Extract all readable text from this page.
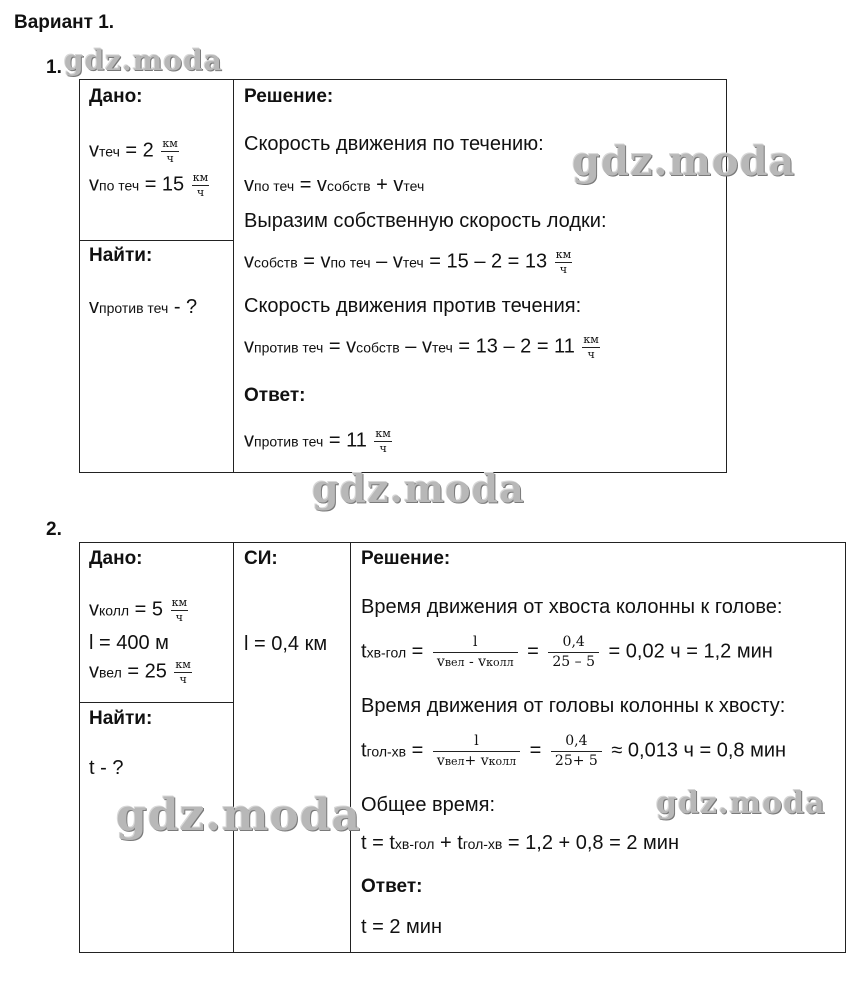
Вариант 1.
1.
Дано:
vтеч = $2 \frac{км}{ч}$
vпо теч = $15 \frac{км}{ч}$
Найти:
vпротив теч - ?
Решение:
Скорость движения по течению:
vпо теч = vсобств + vтеч
Выразим собственную скорость лодки:
vсобств = vпо теч – vтеч = $15 - 2 = 13 \frac{км}{ч}$
Скорость движения против течения:
vпротив теч = vсобств – vтеч = $13 - 2 = 11 \frac{км}{ч}$
Ответ:
vпротив теч = $11 \frac{км}{ч}$
2.
Дано:
vколл = $5 \frac{км}{ч}$
l = 400 м
vвел = $25 \frac{км}{ч}$
Найти:
t - ?
СИ:
l = 0,4 км
Решение:
Время движения от хвоста колонны к голове:
tхв-гол =	l
vвел - vколл = $\frac{0,4}{25 - 5} = 0,02$ ч = 1,2 мин
Время движения от головы колонны к хвосту:
tгол-хв =	l
vвел+ vколл = $\frac{0,4}{25+ 5} \approx 0,013$ ч = 0,8 мин
Общее время:
t = tхв-гол + tгол-хв = 1,2 + 0,8 = 2 мин
Ответ:
t = 2 мин
gdz.moda
gdz.moda
gdz.moda
gdz.moda	gdz.moda
